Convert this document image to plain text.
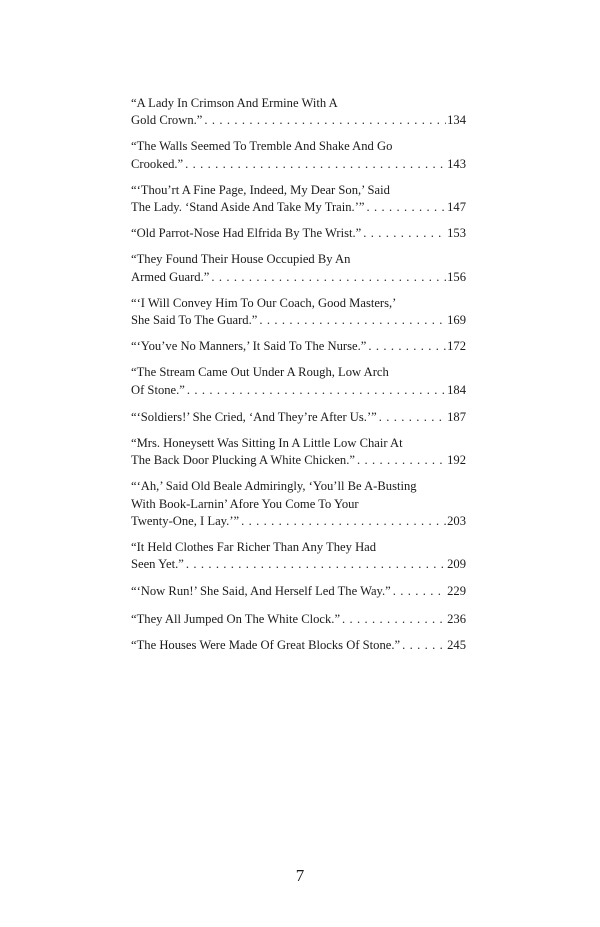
“A Lady In Crimson And Ermine With A
Gold Crown.” . . .	134
“The Walls Seemed To Tremble And Shake And Go
Crooked.” . . .	143
“‘Thou’rt A Fine Page, Indeed, My Dear Son,’ Said
The Lady. ‘Stand Aside And Take My Train.’” . . .	147
“Old Parrot-Nose Had Elfrida By The Wrist.” . . .	153
“They Found Their House Occupied By An
Armed Guard.” . . .	156
“‘I Will Convey Him To Our Coach, Good Masters,’
She Said To The Guard.” . . .	169
“‘You’ve No Manners,’ It Said To The Nurse.” . . .	172
“The Stream Came Out Under A Rough, Low Arch
Of Stone.” . . .	184
“‘Soldiers!’ She Cried, ‘And They’re After Us.’” . . .	187
“Mrs. Honeysett Was Sitting In A Little Low Chair At
The Back Door Plucking A White Chicken.” . . .	192
“‘Ah,’ Said Old Beale Admiringly, ‘You’ll Be A-Busting
With Book-Larnin’ Afore You Come To Your
Twenty-One, I Lay.’” . . .	203
“It Held Clothes Far Richer Than Any They Had
Seen Yet.” . . .	209
“‘Now Run!’ She Said, And Herself Led The Way.” . . .	229
“They All Jumped On The White Clock.” . . .	236
“The Houses Were Made Of Great Blocks Of Stone.” . . .	245
7
